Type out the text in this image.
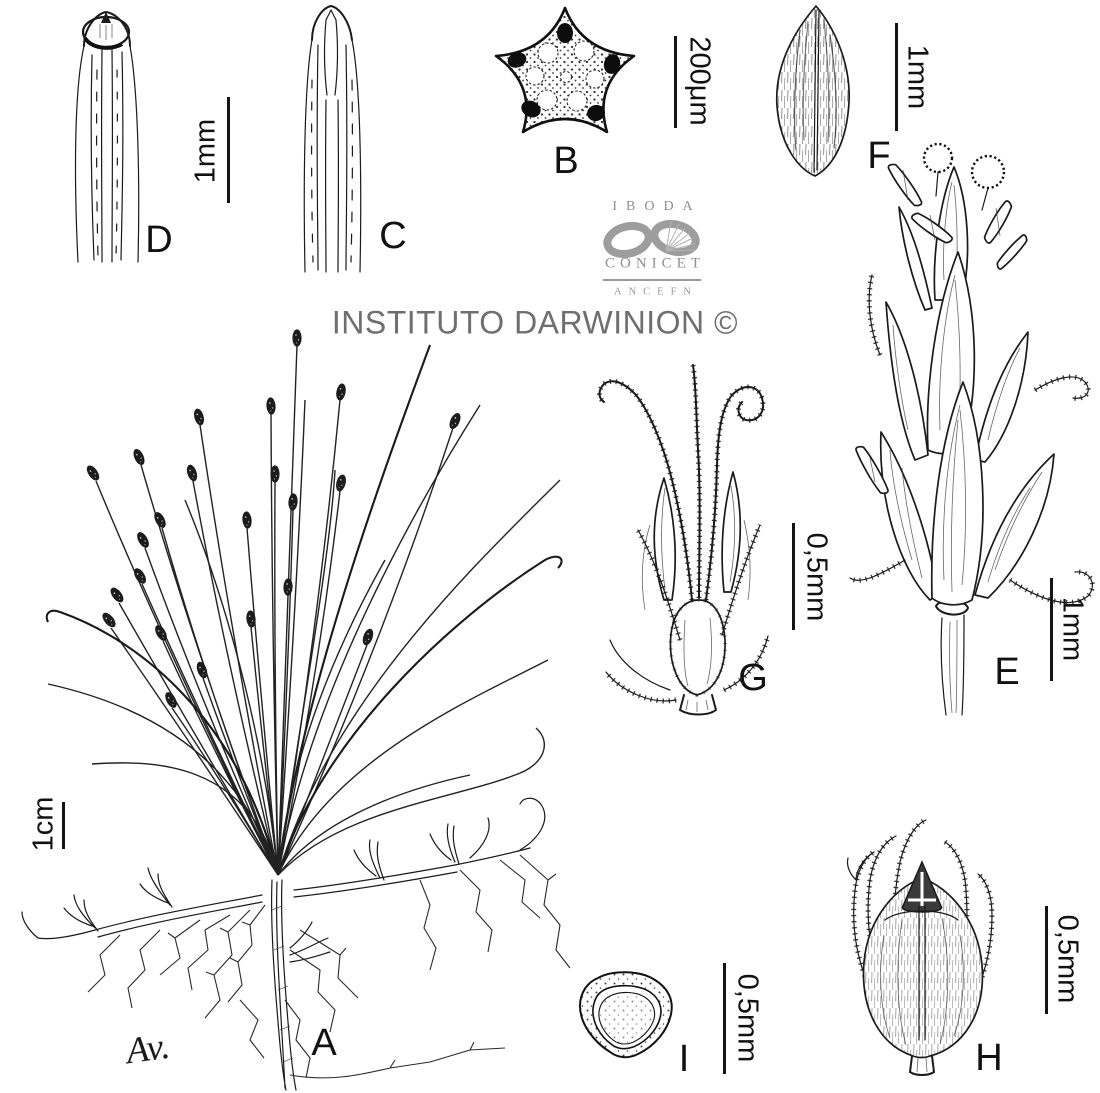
D	C
B	F
E
G
A	I	H
1mm
200μm	1mm
1mm
0,5mm
0,5mm
0,5mm
1cm
IBODA
CONICET
ANCEFN
INSTITUTO DARWINION ©
Av.
